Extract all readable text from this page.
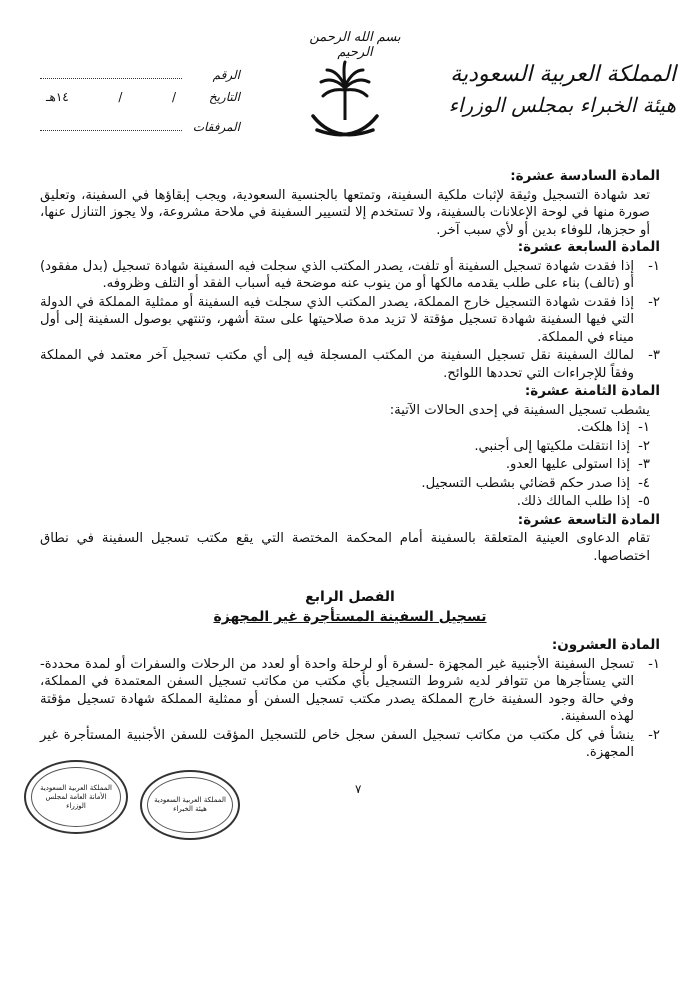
بسم الله الرحمن الرحيم
المملكة العربية السعودية
هيئة الخبراء بمجلس الوزراء
الرقم
التاريخ
/
/
١٤هـ
المرفقات
المادة السادسة عشرة:
تعد شهادة التسجيل وثيقة لإثبات ملكية السفينة، وتمتعها بالجنسية السعودية، ويجب إبقاؤها في السفينة، وتعليق صورة منها في لوحة الإعلانات بالسفينة، ولا تستخدم إلا لتسيير السفينة في ملاحة مشروعة، ولا يجوز التنازل عنها، أو حجزها، للوفاء بدين أو لأي سبب آخر.
المادة السابعة عشرة:
١-
إذا فقدت شهادة تسجيل السفينة أو تلفت، يصدر المكتب الذي سجلت فيه السفينة شهادة تسجيل (بدل مفقود) أو (تالف) بناء على طلب يقدمه مالكها أو من ينوب عنه موضحة فيه أسباب الفقد أو التلف وظروفه.
٢-
إذا فقدت شهادة التسجيل خارج المملكة، يصدر المكتب الذي سجلت فيه السفينة أو ممثلية المملكة في الدولة التي فيها السفينة شهادة تسجيل مؤقتة لا تزيد مدة صلاحيتها على ستة أشهر، وتنتهي بوصول السفينة إلى أول ميناء في المملكة.
٣-
لمالك السفينة نقل تسجيل السفينة من المكتب المسجلة فيه إلى أي مكتب تسجيل آخر معتمد في المملكة وفقاً للإجراءات التي تحددها اللوائح.
المادة الثامنة عشرة:
يشطب تسجيل السفينة في إحدى الحالات الآتية:
١-
إذا هلكت.
٢-
إذا انتقلت ملكيتها إلى أجنبي.
٣-
إذا استولى عليها العدو.
٤-
إذا صدر حكم قضائي بشطب التسجيل.
٥-
إذا طلب المالك ذلك.
المادة التاسعة عشرة:
تقام الدعاوى العينية المتعلقة بالسفينة أمام المحكمة المختصة التي يقع مكتب تسجيل السفينة في نطاق اختصاصها.
الفصل الرابع
تسجيل السفينة المستأجرة غير المجهزة
المادة العشرون:
١-
تسجل السفينة الأجنبية غير المجهزة -لسفرة أو لرحلة واحدة أو لعدد من الرحلات والسفرات أو لمدة محددة- التي يستأجرها من تتوافر لديه شروط التسجيل بأي مكتب من مكاتب تسجيل السفن المعتمدة في المملكة، وفي حالة وجود السفينة خارج المملكة يصدر مكتب تسجيل السفن أو ممثلية المملكة شهادة تسجيل مؤقتة لهذه السفينة.
٢-
ينشأ في كل مكتب من مكاتب تسجيل السفن سجل خاص للتسجيل المؤقت للسفن الأجنبية المستأجرة غير المجهزة.
٧
المملكة العربية السعودية الأمانة العامة لمجلس الوزراء
المملكة العربية السعودية هيئة الخبراء
